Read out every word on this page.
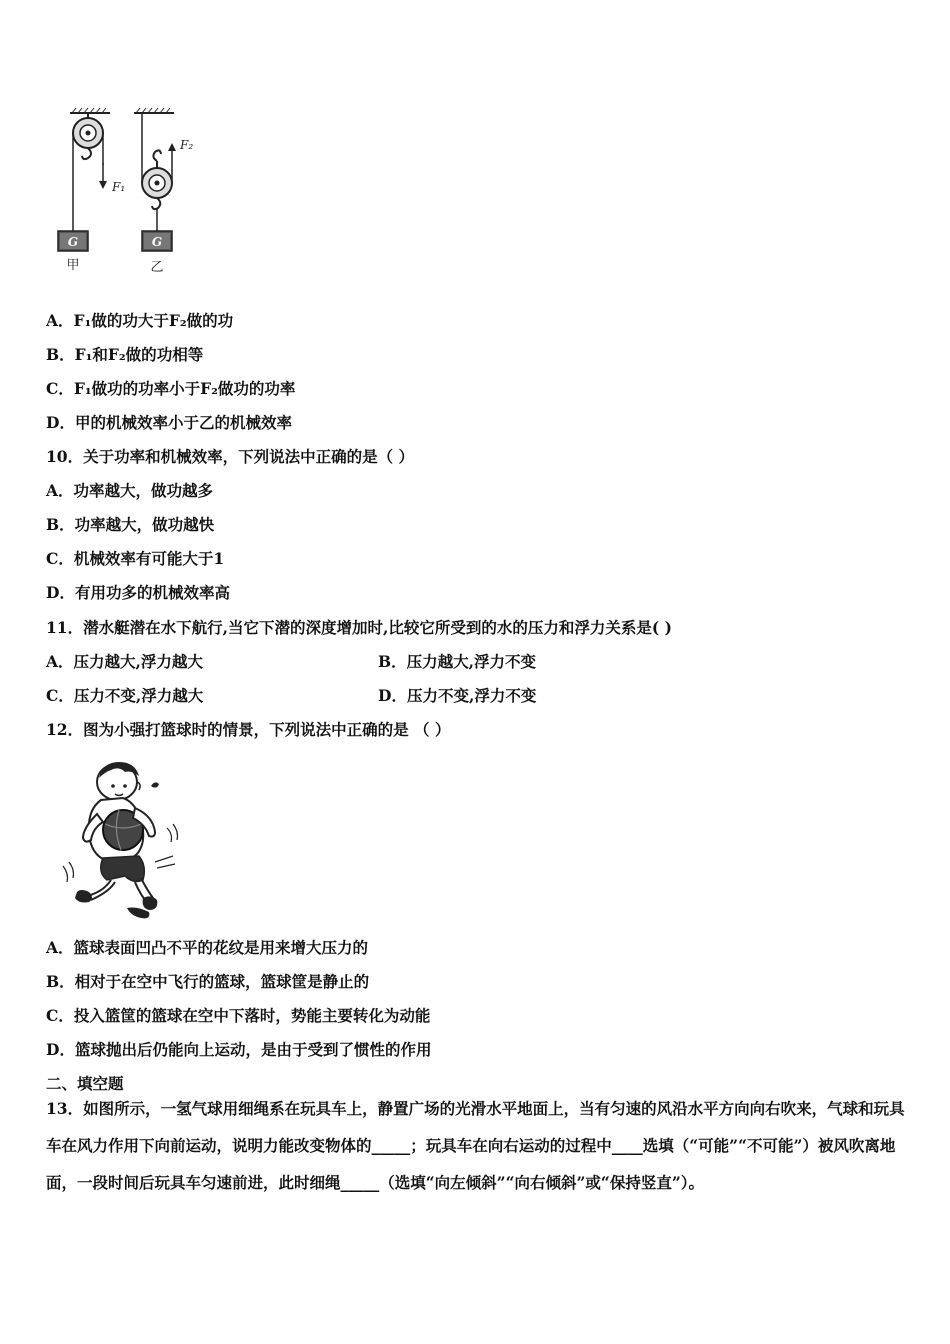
F₁
G
甲
F₂
G
乙
A．F₁做的功大于F₂做的功
B．F₁和F₂做的功相等
C．F₁做功的功率小于F₂做功的功率
D．甲的机械效率小于乙的机械效率
10．关于功率和机械效率，下列说法中正确的是（ ）
A．功率越大，做功越多
B．功率越大，做功越快
C．机械效率有可能大于1
D．有用功多的机械效率高
11．潜水艇潜在水下航行,当它下潜的深度增加时,比较它所受到的水的压力和浮力关系是( )
A．压力越大,浮力越大	B．压力越大,浮力不变
C．压力不变,浮力越大	D．压力不变,浮力不变
12．图为小强打篮球时的情景，下列说法中正确的是 （ ）
A．篮球表面凹凸不平的花纹是用来增大压力的
B．相对于在空中飞行的篮球，篮球筐是静止的
C．投入篮筐的篮球在空中下落时，势能主要转化为动能
D．篮球抛出后仍能向上运动，是由于受到了惯性的作用
二、填空题
13．如图所示，一氢气球用细绳系在玩具车上，静置广场的光滑水平地面上，当有匀速的风沿水平方向向右吹来，气球和玩具车在风力作用下向前运动，说明力能改变物体的_____；玩具车在向右运动的过程中____选填（“可能”“不可能”）被风吹离地面，一段时间后玩具车匀速前进，此时细绳_____（选填“向左倾斜”“向右倾斜”或“保持竖直”）。
